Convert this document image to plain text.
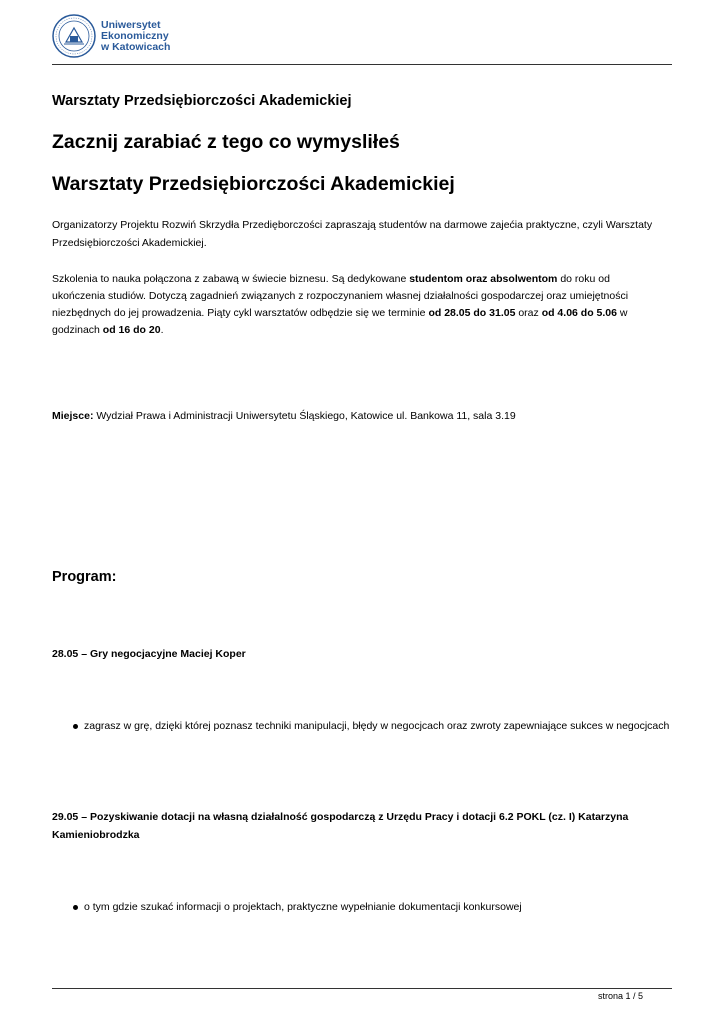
Uniwersytet
Ekonomiczny
w Katowicach
Warsztaty Przedsiębiorczości Akademickiej
Zacznij zarabiać z tego co wymysliłeś
Warsztaty Przedsiębiorczości Akademickiej
Organizatorzy Projektu Rozwiń Skrzydła Przedięborczości zapraszają studentów na darmowe zajećia praktyczne, czyli Warsztaty Przedsiębiorczości Akademickiej.
Szkolenia to nauka połączona z zabawą w świecie biznesu. Są dedykowane studentom oraz absolwentom do roku od ukończenia studiów. Dotyczą zagadnień związanych z rozpoczynaniem własnej działalności gospodarczej oraz umiejętności niezbędnych do jej prowadzenia. Piąty cykl warsztatów odbędzie się we terminie od 28.05 do 31.05 oraz od 4.06 do 5.06 w godzinach od 16 do 20.
Miejsce: Wydział Prawa i Administracji Uniwersytetu Śląskiego, Katowice ul. Bankowa 11, sala 3.19
Program:
28.05 – Gry negocjacyjne Maciej Koper
zagrasz w grę, dzięki której poznasz techniki manipulacji, błędy w negocjcach oraz zwroty zapewniające sukces w negocjcach
29.05 – Pozyskiwanie dotacji na własną działalność gospodarczą z Urzędu Pracy i dotacji 6.2 POKL (cz. I) Katarzyna Kamieniobrodzka
o tym gdzie szukać informacji o projektach, praktyczne wypełnianie dokumentacji konkursowej
strona 1 / 5
